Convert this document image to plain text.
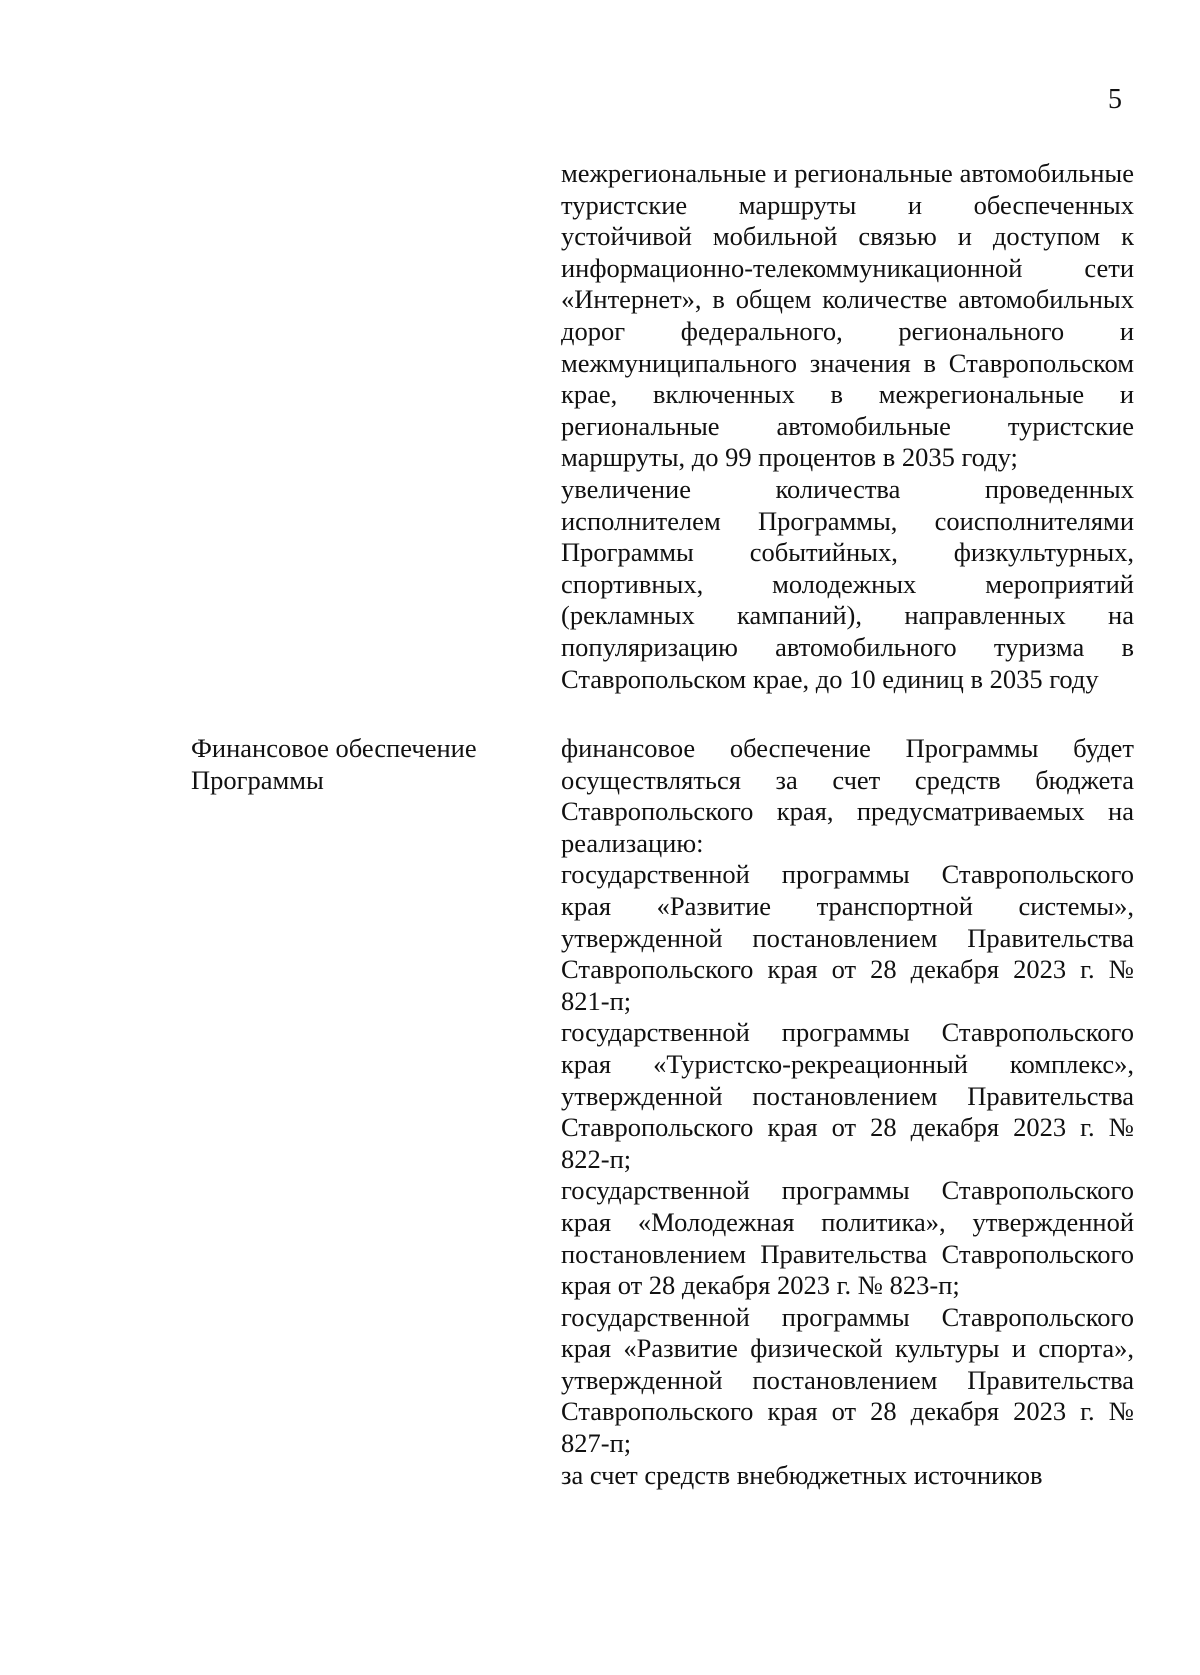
5

межрегиональные и региональные автомобильные туристские маршруты и обеспеченных устойчивой мобильной связью и доступом к информационно-телекоммуникационной сети «Интернет», в общем количестве автомобильных дорог федерального, регионального и межмуниципального значения в Ставропольском крае, включенных в межрегиональные и региональные автомобильные туристские маршруты, до 99 процентов в 2035 году;

увеличение количества проведенных исполнителем Программы, соисполнителями Программы событийных, физкультурных, спортивных, молодежных мероприятий (рекламных кампаний), направленных на популяризацию автомобильного туризма в Ставропольском крае, до 10 единиц в 2035 году

Финансовое обеспечение Программы

финансовое обеспечение Программы будет осуществляться за счет средств бюджета Ставропольского края, предусматриваемых на реализацию:

государственной программы Ставропольского края «Развитие транспортной системы», утвержденной постановлением Правительства Ставропольского края от 28 декабря 2023 г. № 821-п;

государственной программы Ставропольского края «Туристско-рекреационный комплекс», утвержденной постановлением Правительства Ставропольского края от 28 декабря 2023 г. № 822-п;

государственной программы Ставропольского края «Молодежная политика», утвержденной постановлением Правительства Ставропольского края от 28 декабря 2023 г. № 823-п;

государственной программы Ставропольского края «Развитие физической культуры и спорта», утвержденной постановлением Правительства Ставропольского края от 28 декабря 2023 г. № 827-п;

за счет средств внебюджетных источников
